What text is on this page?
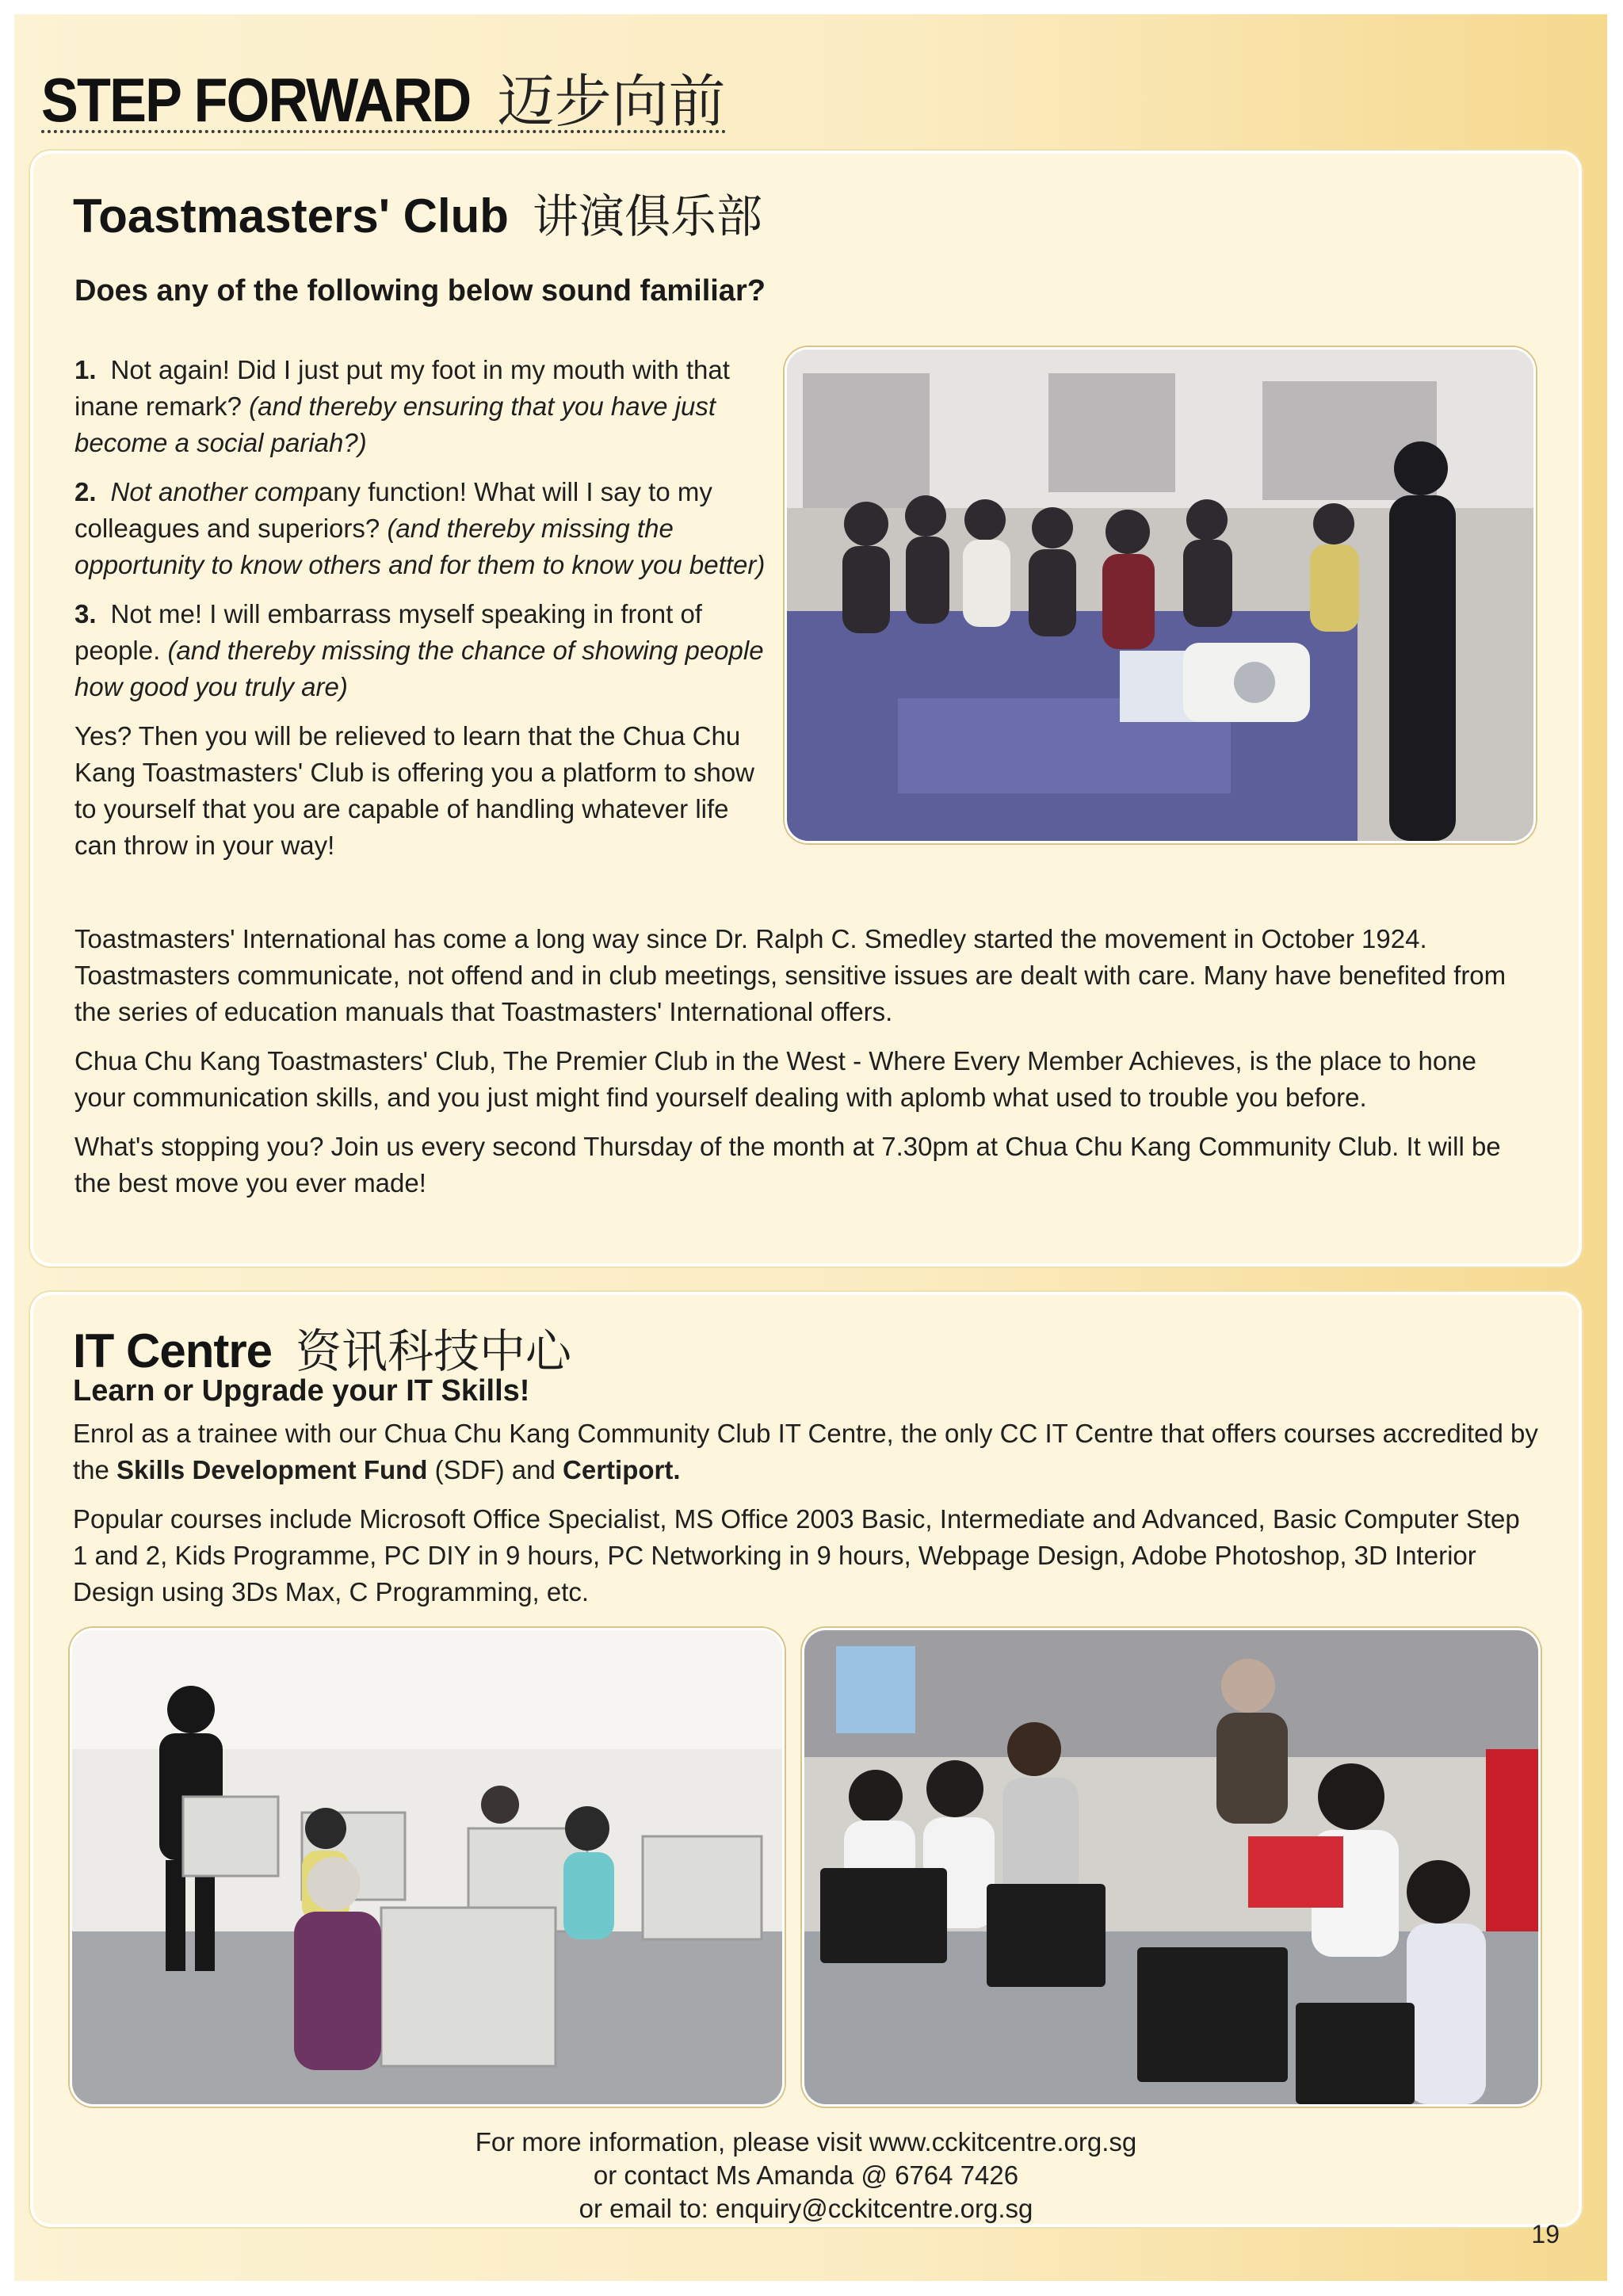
STEP FORWARD 迈步向前
Toastmasters' Club 讲演俱乐部
Does any of the following below sound familiar?

1. Not again! Did I just put my foot in my mouth with that inane remark? (and thereby ensuring that you have just become a social pariah?)

2. Not another company function! What will I say to my colleagues and superiors? (and thereby missing the opportunity to know others and for them to know you better)

3. Not me! I will embarrass myself speaking in front of people. (and thereby missing the chance of showing people how good you truly are)

Yes? Then you will be relieved to learn that the Chua Chu Kang Toastmasters' Club is offering you a platform to show to yourself that you are capable of handling whatever life can throw in your way!

Toastmasters' International has come a long way since Dr. Ralph C. Smedley started the movement in October 1924. Toastmasters communicate, not offend and in club meetings, sensitive issues are dealt with care. Many have benefited from the series of education manuals that Toastmasters' International offers.

Chua Chu Kang Toastmasters' Club, The Premier Club in the West - Where Every Member Achieves, is the place to hone your communication skills, and you just might find yourself dealing with aplomb what used to trouble you before.

What's stopping you? Join us every second Thursday of the month at 7.30pm at Chua Chu Kang Community Club. It will be the best move you ever made!

IT Centre 资讯科技中心
Learn or Upgrade your IT Skills!

Enrol as a trainee with our Chua Chu Kang Community Club IT Centre, the only CC IT Centre that offers courses accredited by the Skills Development Fund (SDF) and Certiport.

Popular courses include Microsoft Office Specialist, MS Office 2003 Basic, Intermediate and Advanced, Basic Computer Step 1 and 2, Kids Programme, PC DIY in 9 hours, PC Networking in 9 hours, Webpage Design, Adobe Photoshop, 3D Interior Design using 3Ds Max, C Programming, etc.

For more information, please visit www.cckitcentre.org.sg
or contact Ms Amanda @ 6764 7426
or email to: enquiry@cckitcentre.org.sg
19
